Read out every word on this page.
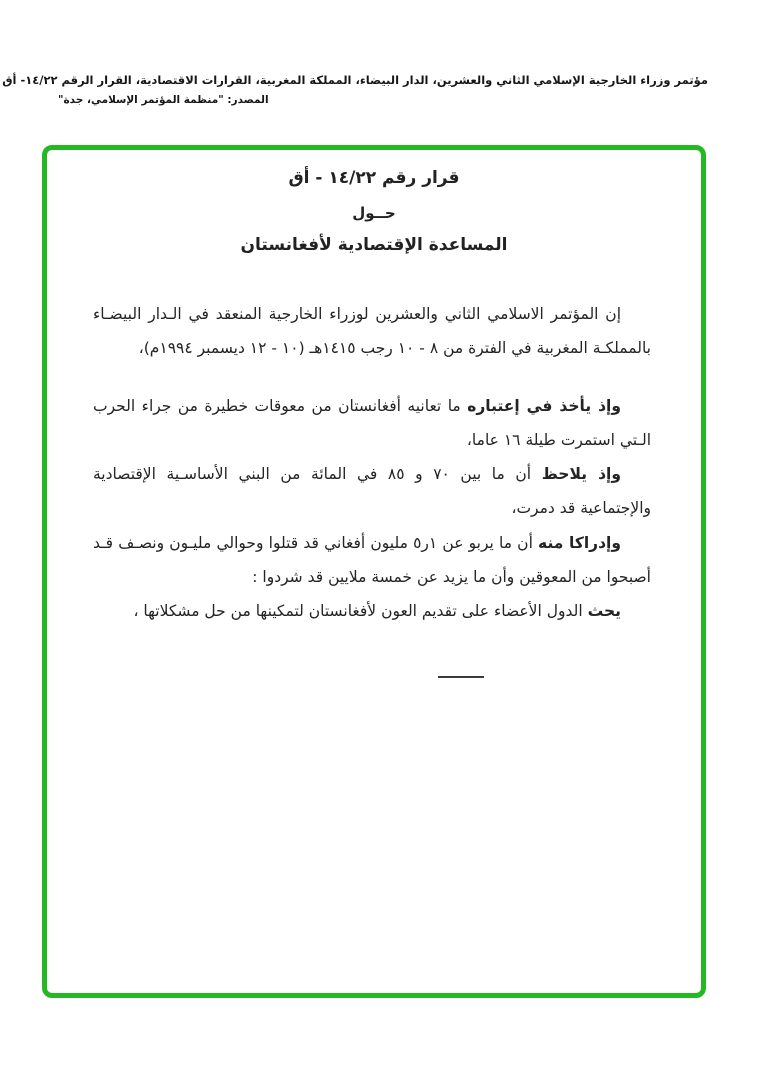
مؤتمر وزراء الخارجية الإسلامي الثاني والعشرين، الدار البيضاء، المملكة المغربية، القرارات الاقتصادية، القرار الرقم ١٤/٢٢- أق
المصدر: "منظمة المؤتمر الإسلامي، جدة"
قرار رقم ١٤/٢٢ - أق
حــول
المساعدة الإقتصادية لأفغانستان

إن المؤتمر الاسلامي الثاني والعشرين لوزراء الخارجية المنعقد في الـدار البيضـاء بالمملكـة المغربية في الفترة من ٨ - ١٠ رجب ١٤١٥هـ (١٠ - ١٢ ديسمبر ١٩٩٤م)،

وإذ يأخذ في إعتباره ما تعانيه أفغانستان من معوقات خطيرة من جراء الحرب الـتي استمرت طيلة ١٦ عاما،

وإذ يلاحظ أن ما بين ٧٠ و ٨٥ في المائة من البني الأساسـية الإقتصادية والإجتماعية قد دمرت،

وإدراكا منه أن ما يربو عن ١ر٥ مليون أفغاني قد قتلوا وحوالي مليـون ونصـف قـد أصبحوا من المعوقين وأن ما يزيد عن خمسة ملايين قد شردوا :

يحث الدول الأعضاء على تقديم العون لأفغانستان لتمكينها من حل مشكلاتها ،
